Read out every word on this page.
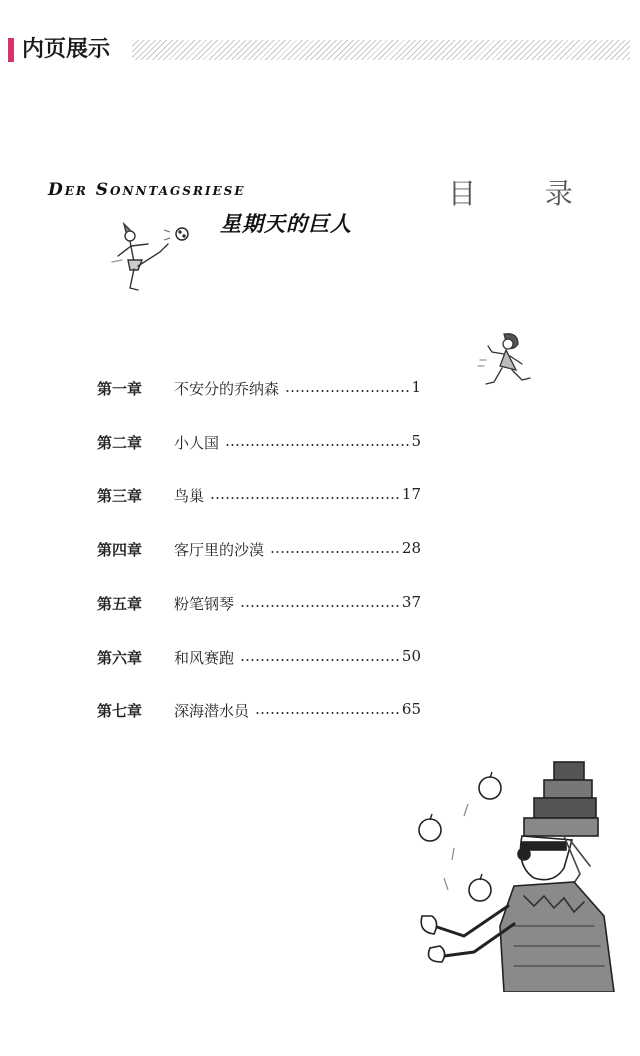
内页展示
Der Sonntagsriese
星期天的巨人
目 录
第一章 不安分的乔纳森	1
第二章 小人国	5
第三章 鸟巢	17
第四章 客厅里的沙漠	28
第五章 粉笔钢琴	37
第六章 和风赛跑	50
第七章 深海潜水员	65
